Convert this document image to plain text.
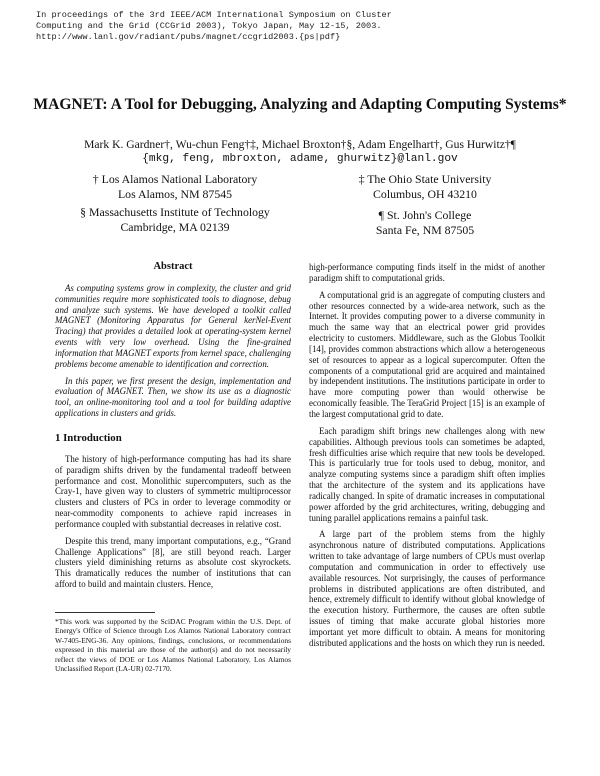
In proceedings of the 3rd IEEE/ACM International Symposium on Cluster
Computing and the Grid (CCGrid 2003), Tokyo Japan, May 12-15, 2003.
http://www.lanl.gov/radiant/pubs/magnet/ccgrid2003.{ps|pdf}
MAGNET: A Tool for Debugging, Analyzing and Adapting Computing Systems*
Mark K. Gardner†, Wu-chun Feng†‡, Michael Broxton†§, Adam Engelhart†, Gus Hurwitz†¶
{mkg, feng, mbroxton, adame, ghurwitz}@lanl.gov
† Los Alamos National Laboratory
Los Alamos, NM 87545
‡ The Ohio State University
Columbus, OH 43210
§ Massachusetts Institute of Technology
Cambridge, MA 02139
¶ St. John's College
Santa Fe, NM 87505
Abstract

As computing systems grow in complexity, the cluster and grid communities require more sophisticated tools to diagnose, debug and analyze such systems. We have developed a toolkit called MAGNET (Monitoring Apparatus for General kerNel-Event Tracing) that provides a detailed look at operating-system kernel events with very low overhead. Using the fine-grained information that MAGNET exports from kernel space, challenging problems become amenable to identification and correction.

In this paper, we first present the design, implementation and evaluation of MAGNET. Then, we show its use as a diagnostic tool, an online-monitoring tool and a tool for building adaptive applications in clusters and grids.

1 Introduction

The history of high-performance computing has had its share of paradigm shifts driven by the fundamental tradeoff between performance and cost. Monolithic supercomputers, such as the Cray-1, have given way to clusters of symmetric multiprocessor clusters and clusters of PCs in order to leverage commodity or near-commodity components to achieve rapid increases in performance coupled with substantial decreases in relative cost.

Despite this trend, many important computations, e.g., “Grand Challenge Applications” [8], are still beyond reach. Larger clusters yield diminishing returns as absolute cost skyrockets. This dramatically reduces the number of institutions that can afford to build and maintain clusters. Hence,

*This work was supported by the SciDAC Program within the U.S. Dept. of Energy's Office of Science through Los Alamos National Laboratory contract W-7405-ENG-36. Any opinions, findings, conclusions, or recommendations expressed in this material are those of the author(s) and do not necessarily reflect the views of DOE or Los Alamos National Laboratory. Los Alamos Unclassified Report (LA-UR) 02-7170.

high-performance computing finds itself in the midst of another paradigm shift to computational grids.

A computational grid is an aggregate of computing clusters and other resources connected by a wide-area network, such as the Internet. It provides computing power to a diverse community in much the same way that an electrical power grid provides electricity to customers. Middleware, such as the Globus Toolkit [14], provides common abstractions which allow a heterogeneous set of resources to appear as a logical supercomputer. Often the components of a computational grid are acquired and maintained by independent institutions. The institutions participate in order to have more computing power than would otherwise be economically feasible. The TeraGrid Project [15] is an example of the largest computational grid to date.

Each paradigm shift brings new challenges along with new capabilities. Although previous tools can sometimes be adapted, fresh difficulties arise which require that new tools be developed. This is particularly true for tools used to debug, monitor, and analyze computing systems since a paradigm shift often implies that the architecture of the system and its applications have radically changed. In spite of dramatic increases in computational power afforded by the grid architectures, writing, debugging and tuning parallel applications remains a painful task.

A large part of the problem stems from the highly asynchronous nature of distributed computations. Applications written to take advantage of large numbers of CPUs must overlap computation and communication in order to effectively use available resources. Not surprisingly, the causes of performance problems in distributed applications are often distributed, and hence, extremely difficult to identify without global knowledge of the execution history. Furthermore, the causes are often subtle issues of timing that make accurate global histories more important yet more difficult to obtain. A means for monitoring distributed applications and the hosts on which they run is needed.
